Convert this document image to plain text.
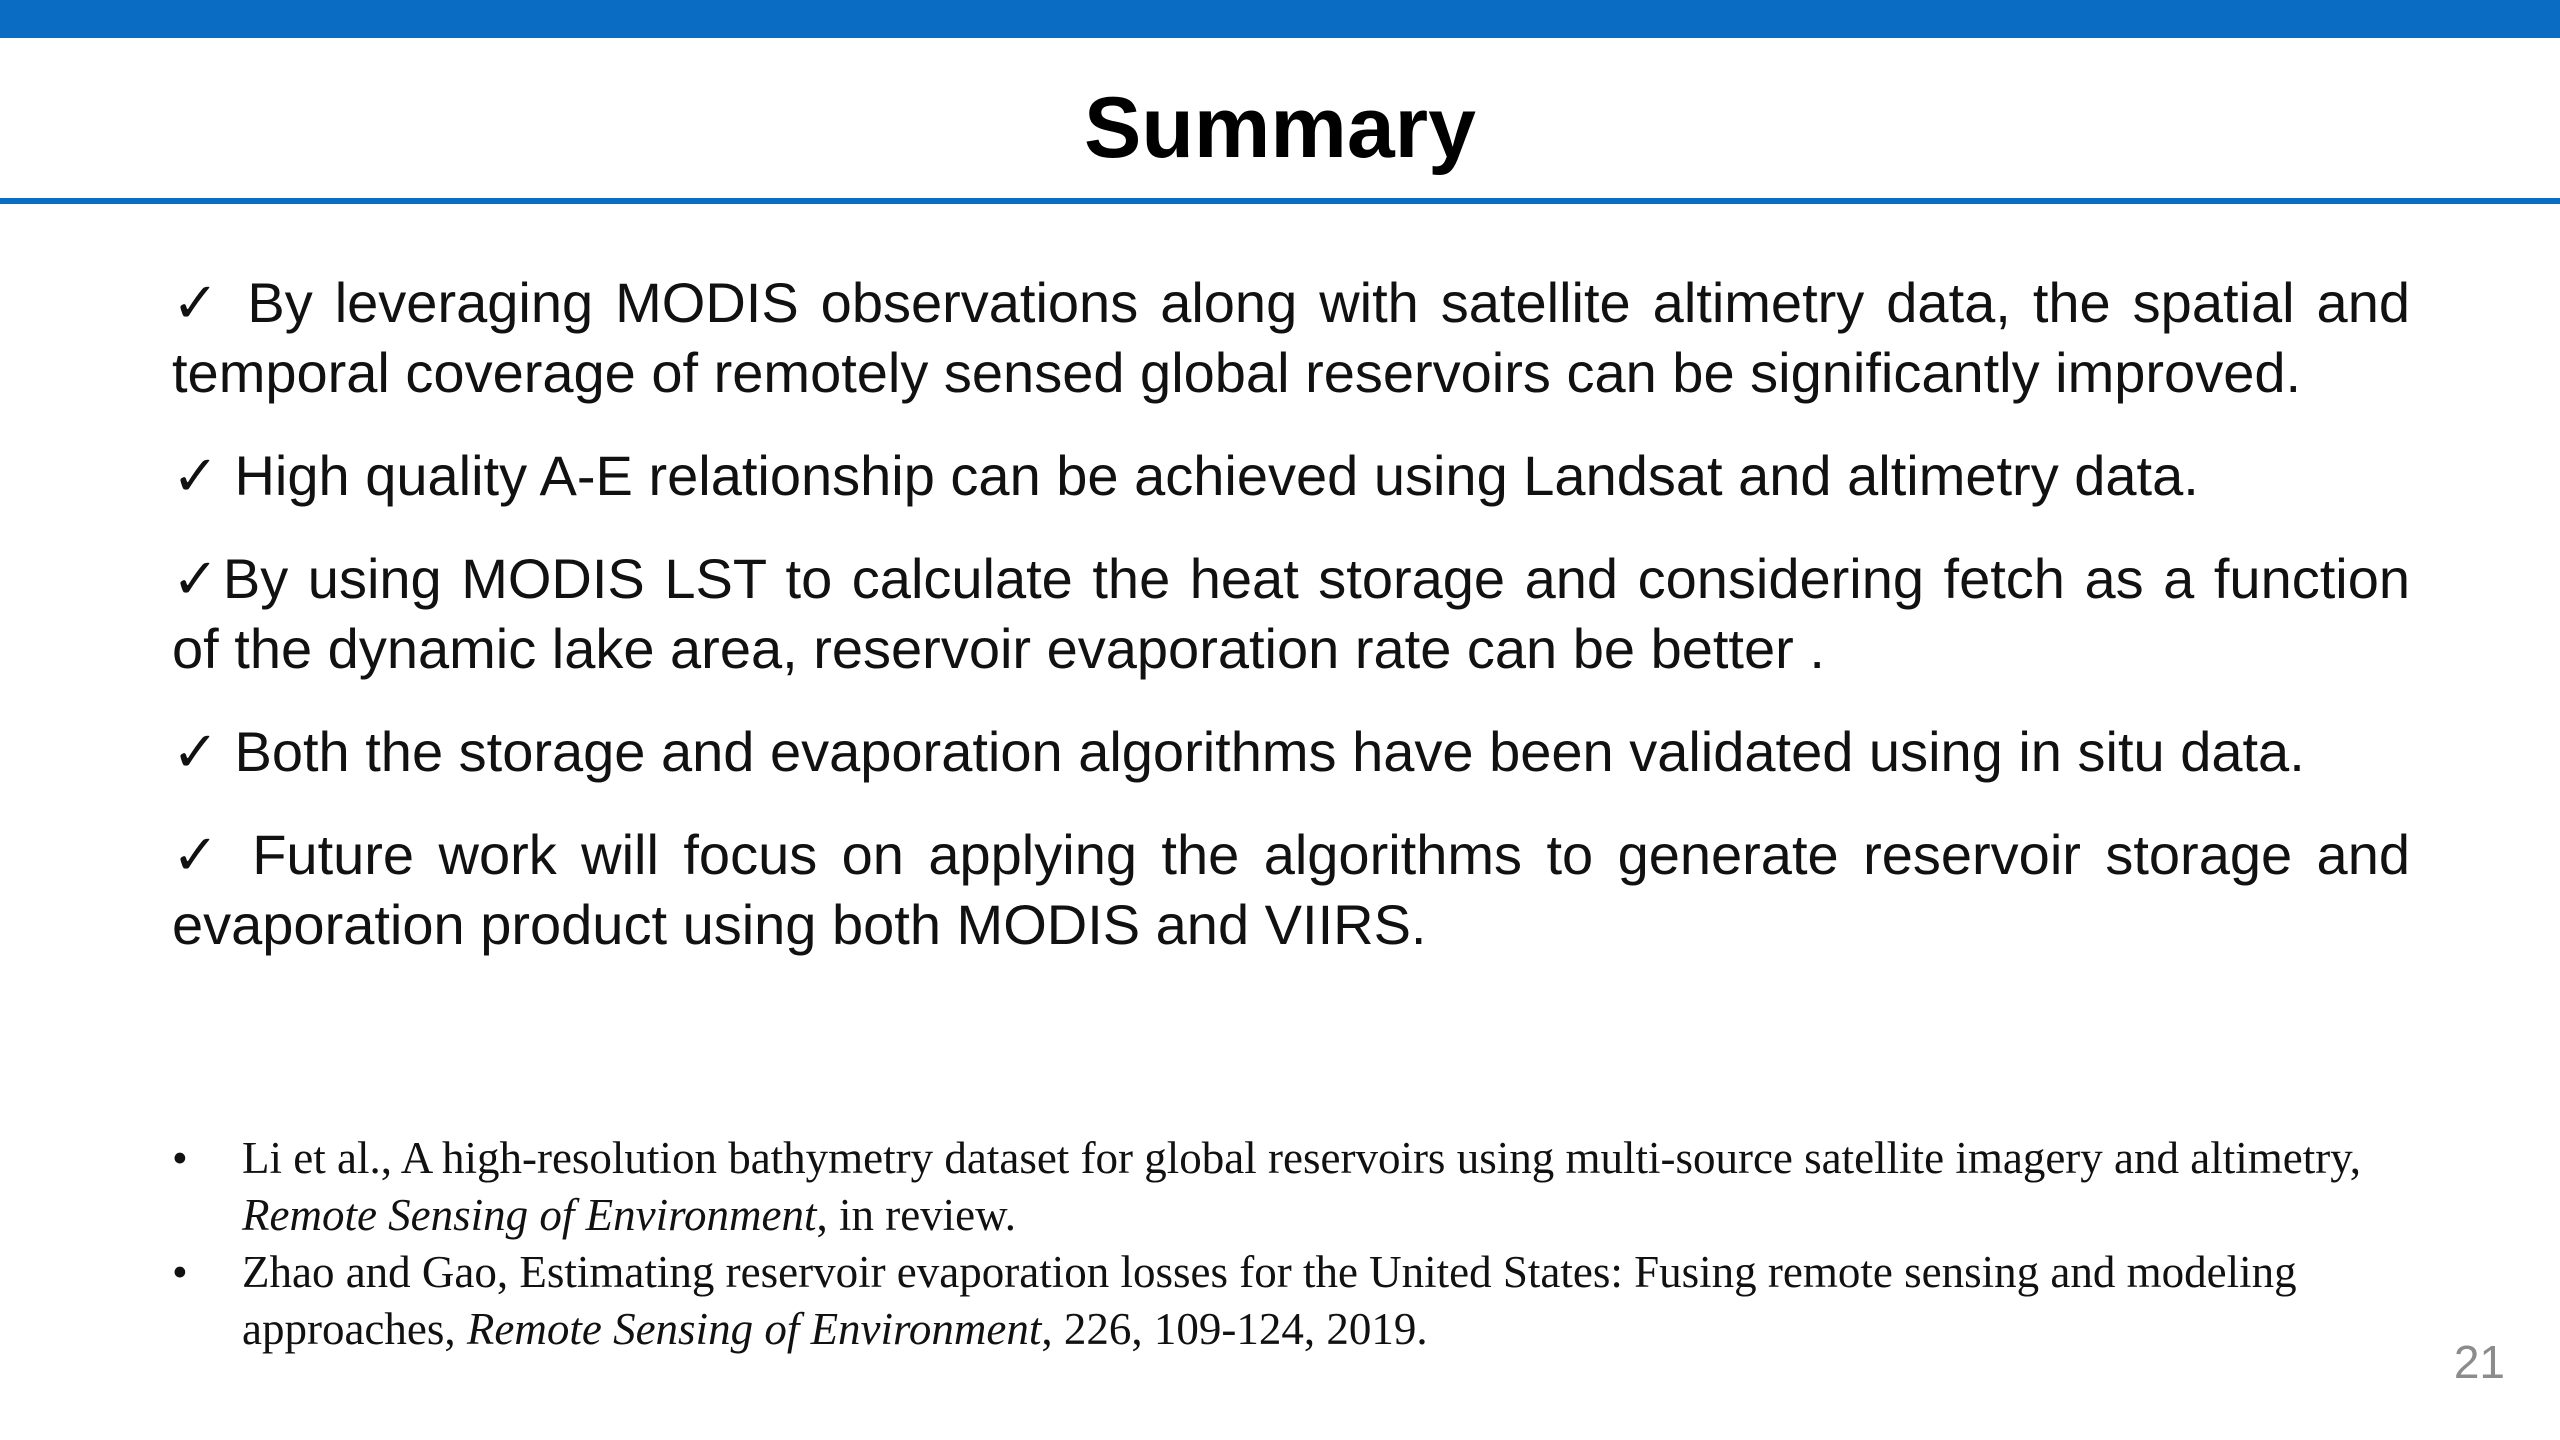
Summary
✓ By leveraging MODIS observations along with satellite altimetry data, the spatial and temporal coverage of remotely sensed global reservoirs can be significantly improved.
✓ High quality A-E relationship can be achieved using Landsat and altimetry data.
✓By using MODIS LST to calculate the heat storage and considering fetch as a function of the dynamic lake area, reservoir evaporation rate can be better .
✓ Both the storage and evaporation algorithms have been validated using in situ data.
✓ Future work will focus on applying the algorithms to generate reservoir storage and evaporation product using both MODIS and VIIRS.
• Li et al., A high-resolution bathymetry dataset for global reservoirs using multi-source satellite imagery and altimetry, Remote Sensing of Environment, in review.
• Zhao and Gao, Estimating reservoir evaporation losses for the United States: Fusing remote sensing and modeling approaches, Remote Sensing of Environment, 226, 109-124, 2019.
21
